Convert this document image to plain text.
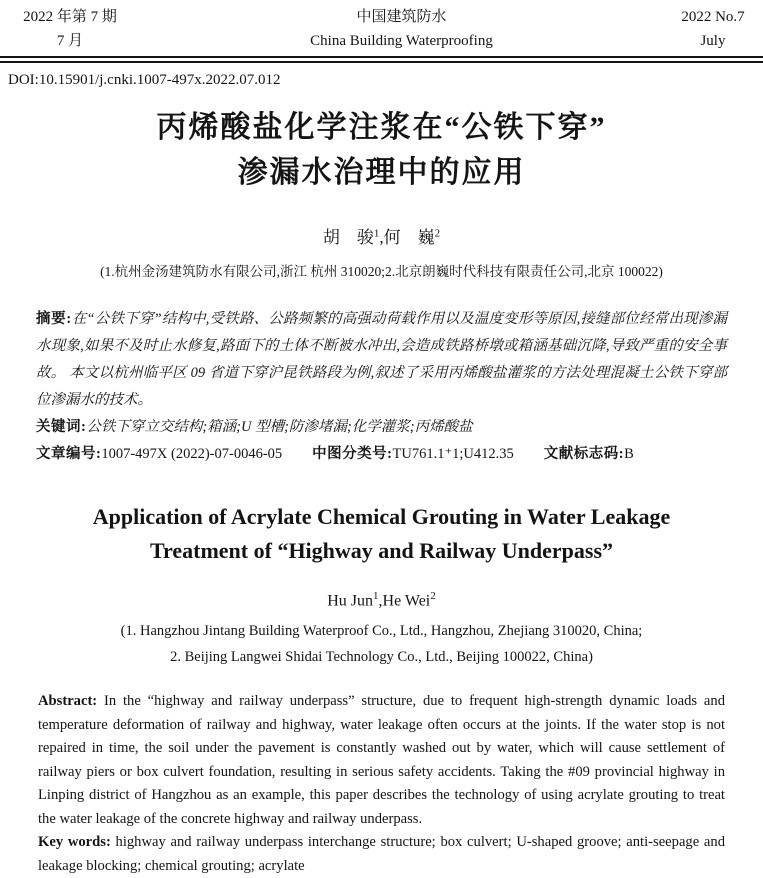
2022 年第 7 期
7 月
中国建筑防水
China Building Waterproofing
2022 No.7
July
DOI:10.15901/j.cnki.1007-497x.2022.07.012
丙烯酸盐化学注浆在“公铁下穿”
渗漏水治理中的应用
胡　骏$^1$,何　巍$^2$
(1.杭州金汤建筑防水有限公司,浙江 杭州 310020;2.北京朗巍时代科技有限责任公司,北京 100022)
摘要:在“公铁下穿”结构中,受铁路、公路频繁的高强动荷载作用以及温度变形等原因,接缝部位经常出现渗漏水现象,如果不及时止水修复,路面下的土体不断被水冲出,会造成铁路桥墩或箱涵基础沉降,导致严重的安全事故。 本文以杭州临平区 09 省道下穿沪昆铁路段为例,叙述了采用丙烯酸盐灌浆的方法处理混凝土公铁下穿部位渗漏水的技术。
关键词:公铁下穿立交结构;箱涵;U 型槽;防渗堵漏;化学灌浆;丙烯酸盐
文章编号:1007-497X (2022)-07-0046-05 中图分类号:TU761.1⁺1;U412.35 文献标志码:B
Application of Acrylate Chemical Grouting in Water Leakage
Treatment of “Highway and Railway Underpass”
Hu Jun$^1$,He Wei$^2$
(1. Hangzhou Jintang Building Waterproof Co., Ltd., Hangzhou, Zhejiang 310020, China;
2. Beijing Langwei Shidai Technology Co., Ltd., Beijing 100022, China)
Abstract: In the “highway and railway underpass” structure, due to frequent high-strength dynamic loads and temperature deformation of railway and highway, water leakage often occurs at the joints. If the water stop is not repaired in time, the soil under the pavement is constantly washed out by water, which will cause settlement of railway piers or box culvert foundation, resulting in serious safety accidents. Taking the #09 provincial highway in Linping district of Hangzhou as an example, this paper describes the technology of using acrylate grouting to treat the water leakage of the concrete highway and railway underpass.
Key words: highway and railway underpass interchange structure; box culvert; U-shaped groove; anti-seepage and leakage blocking; chemical grouting; acrylate
